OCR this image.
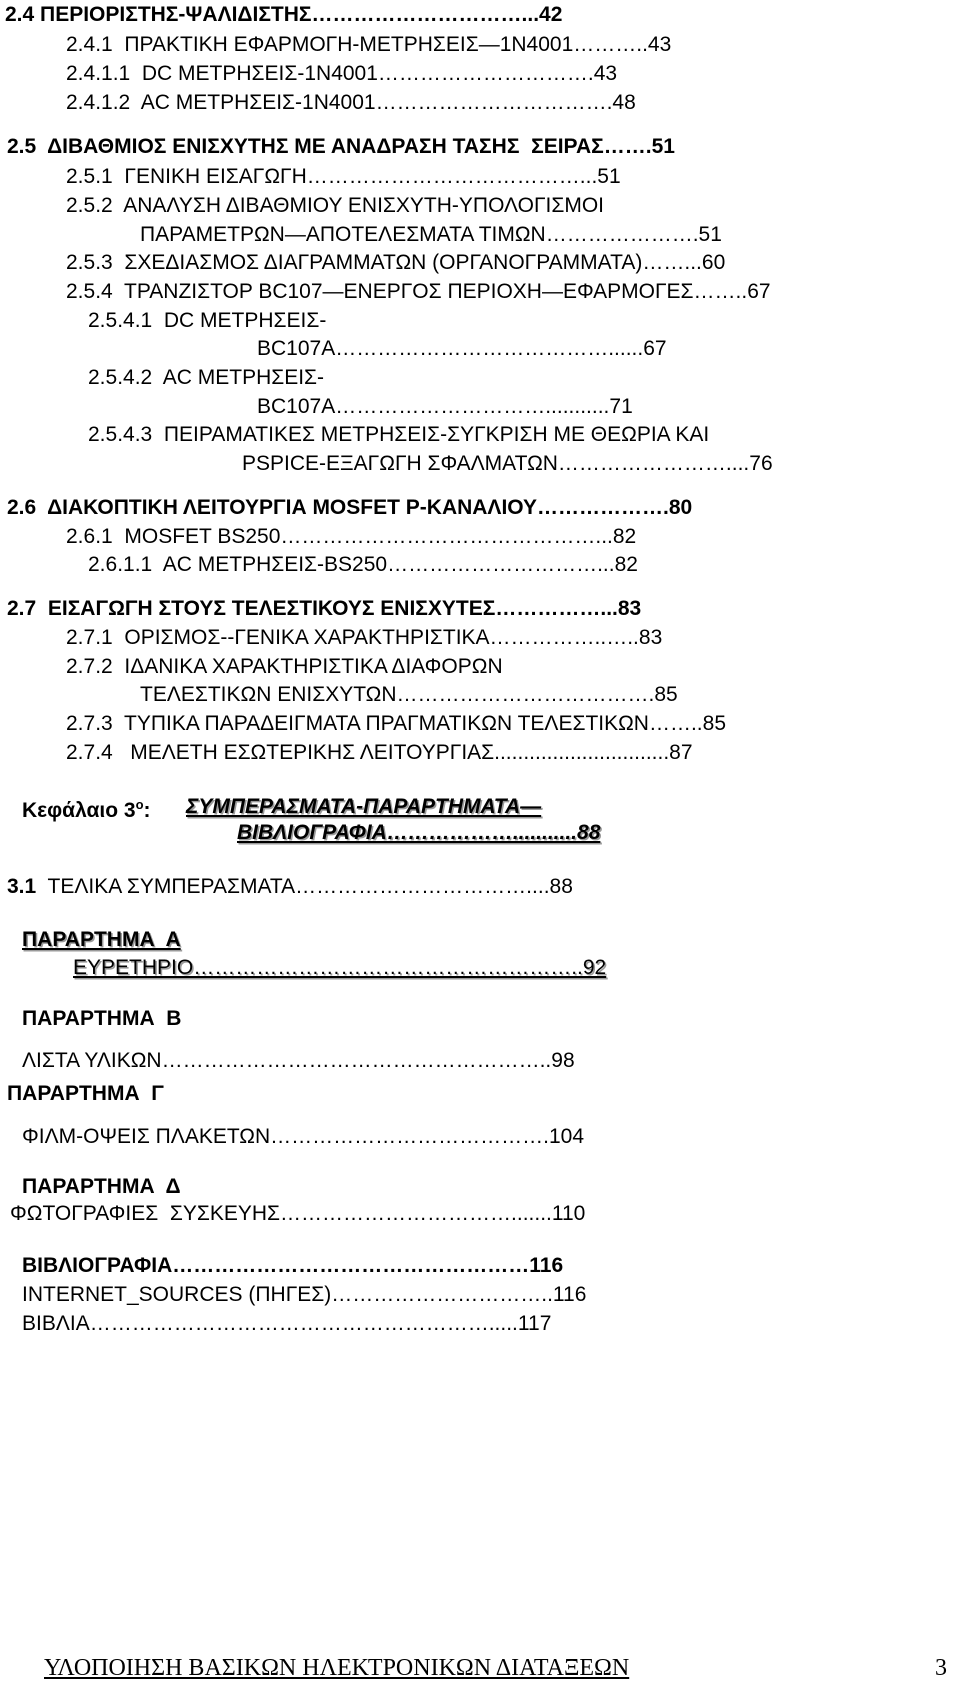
2.4 ΠΕΡΙΟΡΙΣΤΗΣ-ΨΑΛΙΔΙΣΤΗΣ…………………………...42
2.4.1  ΠΡΑΚΤΙΚΗ ΕΦΑΡΜΟΓΗ-ΜΕΤΡΗΣΕΙΣ—1Ν4001………..43
2.4.1.1  DC ΜΕΤΡΗΣΕΙΣ-1Ν4001………………………….43
2.4.1.2  AC ΜΕΤΡΗΣΕΙΣ-1Ν4001…………………………….48
2.5  ΔΙΒΑΘΜΙΟΣ ΕΝΙΣΧΥΤΗΣ ΜΕ ΑΝΑΔΡΑΣΗ ΤΑΣΗΣ  ΣΕΙΡΑΣ…….51
2.5.1  ΓΕΝΙΚΗ ΕΙΣΑΓΩΓΗ…………………………………...51
2.5.2  ΑΝΑΛΥΣΗ ΔΙΒΑΘΜΙΟΥ ΕΝΙΣΧΥΤΗ-ΥΠΟΛΟΓΙΣΜΟΙ
ΠΑΡΑΜΕΤΡΩΝ—ΑΠΟΤΕΛΕΣΜΑΤΑ ΤΙΜΩΝ………………….51
2.5.3  ΣΧΕΔΙΑΣΜΟΣ ΔΙΑΓΡΑΜΜΑΤΩΝ (ΟΡΓΑΝΟΓΡΑΜΜΑΤΑ)……...60
2.5.4  ΤΡΑΝΖΙΣΤΟΡ BC107—ΕΝΕΡΓΟΣ ΠΕΡΙΟΧΗ—ΕΦΑΡΜΟΓΕΣ……..67
2.5.4.1  DC ΜΕΤΡΗΣΕΙΣ-
BC107A…………………………………......67
2.5.4.2  AC ΜΕΤΡΗΣΕΙΣ-
BC107A…………………………...........71
2.5.4.3  ΠΕΙΡΑΜΑΤΙΚΕΣ ΜΕΤΡΗΣΕΙΣ-ΣΥΓΚΡΙΣΗ ΜΕ ΘΕΩΡΙΑ ΚΑΙ
PSPICE-ΕΞΑΓΩΓΗ ΣΦΑΛΜΑΤΩΝ……………………....76
2.6  ΔΙΑΚΟΠΤΙΚΗ ΛΕΙΤΟΥΡΓΙΑ MOSFET P-ΚΑΝΑΛΙΟΥ……………….80
2.6.1  MOSFET BS250………………………………………...82
2.6.1.1  AC ΜΕΤΡΗΣΕΙΣ-BS250…………………………...82
2.7  ΕΙΣΑΓΩΓΗ ΣΤΟΥΣ ΤΕΛΕΣΤΙΚΟΥΣ ΕΝΙΣΧΥΤΕΣ……………...83
2.7.1  ΟΡΙΣΜΟΣ--ΓΕΝΙΚΑ ΧΑΡΑΚΤΗΡΙΣΤΙΚΑ……………..…..83
2.7.2  ΙΔΑΝΙΚΑ ΧΑΡΑΚΤΗΡΙΣΤΙΚΑ ΔΙΑΦΟΡΩΝ
ΤΕΛΕΣΤΙΚΩΝ ΕΝΙΣΧΥΤΩΝ……………………………….85
2.7.3  ΤΥΠΙΚΑ ΠΑΡΑΔΕΙΓΜΑΤΑ ΠΡΑΓΜΑΤΙΚΩΝ ΤΕΛΕΣΤΙΚΩΝ……..85
2.7.4   ΜΕΛΕΤΗ ΕΣΩΤΕΡΙΚΗΣ ΛΕΙΤΟΥΡΓΙΑΣ..............................87
Κεφάλαιο $3^o$: ΣΥΜΠΕΡΑΣΜΑΤΑ-ΠΑΡΑΡΤΗΜΑΤΑ—
ΒΙΒΛΙΟΓΡΑΦΙΑ………………...........88
3.1  ΤΕΛΙΚΑ ΣΥΜΠΕΡΑΣΜΑΤΑ……………………………....88
ΠΑΡΑΡΤΗΜΑ  Α
ΕΥΡΕΤΗΡΙΟ………………………………………………..92
ΠΑΡΑΡΤΗΜΑ  Β
ΛΙΣΤΑ ΥΛΙΚΩΝ………………………………………………..98
ΠΑΡΑΡΤΗΜΑ  Γ
ΦΙΛΜ-ΟΨΕΙΣ ΠΛΑΚΕΤΩΝ………………………………….104
ΠΑΡΑΡΤΗΜΑ  Δ
ΦΩΤΟΓΡΑΦΙΕΣ  ΣΥΣΚΕΥΗΣ…………………………….......110
ΒΙΒΛΙΟΓΡΑΦΙΑ……………………………………………116
INTERNET_SOURCES (ΠΗΓΕΣ)…………………………..116
ΒΙΒΛΙΑ………………………………………………….....117
ΥΛΟΠΟΙΗΣΗ ΒΑΣΙΚΩΝ ΗΛΕΚΤΡΟΝΙΚΩΝ ΔΙΑΤΑΞΕΩΝ	3
